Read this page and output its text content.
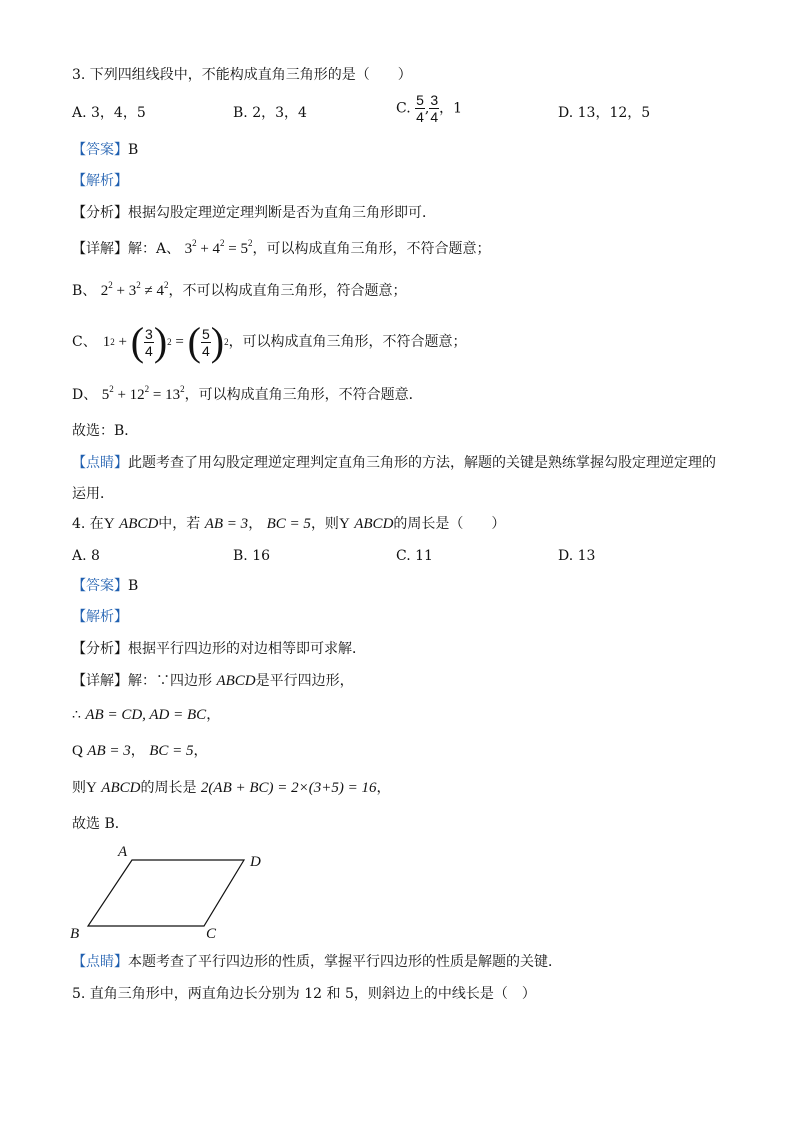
3. 下列四组线段中，不能构成直角三角形的是（　　）
A. 3，4，5	B. 2，3，4	C. $\frac{5}{4}$ , $\frac{3}{4}$ ，1	D. 13，12，5
【答案】B
【解析】
【分析】根据勾股定理逆定理判断是否为直角三角形即可．
【详解】解：A、 $3^2 + 4^2 = 5^2$，可以构成直角三角形，不符合题意；
B、 $2^2 + 3^2 \ne 4^2$，不可以构成直角三角形，符合题意；
C、 1 2 + ( $\frac{3}{4}$ ) 2 = ( $\frac{5}{4}$ ) 2 ，可以构成直角三角形，不符合题意；
D、 $5^2 + 12^2 = 13^2$，可以构成直角三角形，不符合题意．
故选：B．
【点睛】此题考查了用勾股定理逆定理判定直角三角形的方法，解题的关键是熟练掌握勾股定理逆定理的
运用．
4. 在Y ABCD中，若 AB = 3， BC = 5，则Y ABCD的周长是（　　）
A. 8	B. 16	C. 11	D. 13
【答案】B
【解析】
【分析】根据平行四边形的对边相等即可求解．
【详解】解：∵四边形 ABCD是平行四边形，
∴ AB = CD, AD = BC，
Q AB = 3， BC = 5，
则Y ABCD的周长是 2(AB + BC) = 2×(3+5) = 16，
故选 B．
A
D
B	C
【点睛】本题考查了平行四边形的性质，掌握平行四边形的性质是解题的关键．
5. 直角三角形中，两直角边长分别为 12 和 5，则斜边上的中线长是（　）
